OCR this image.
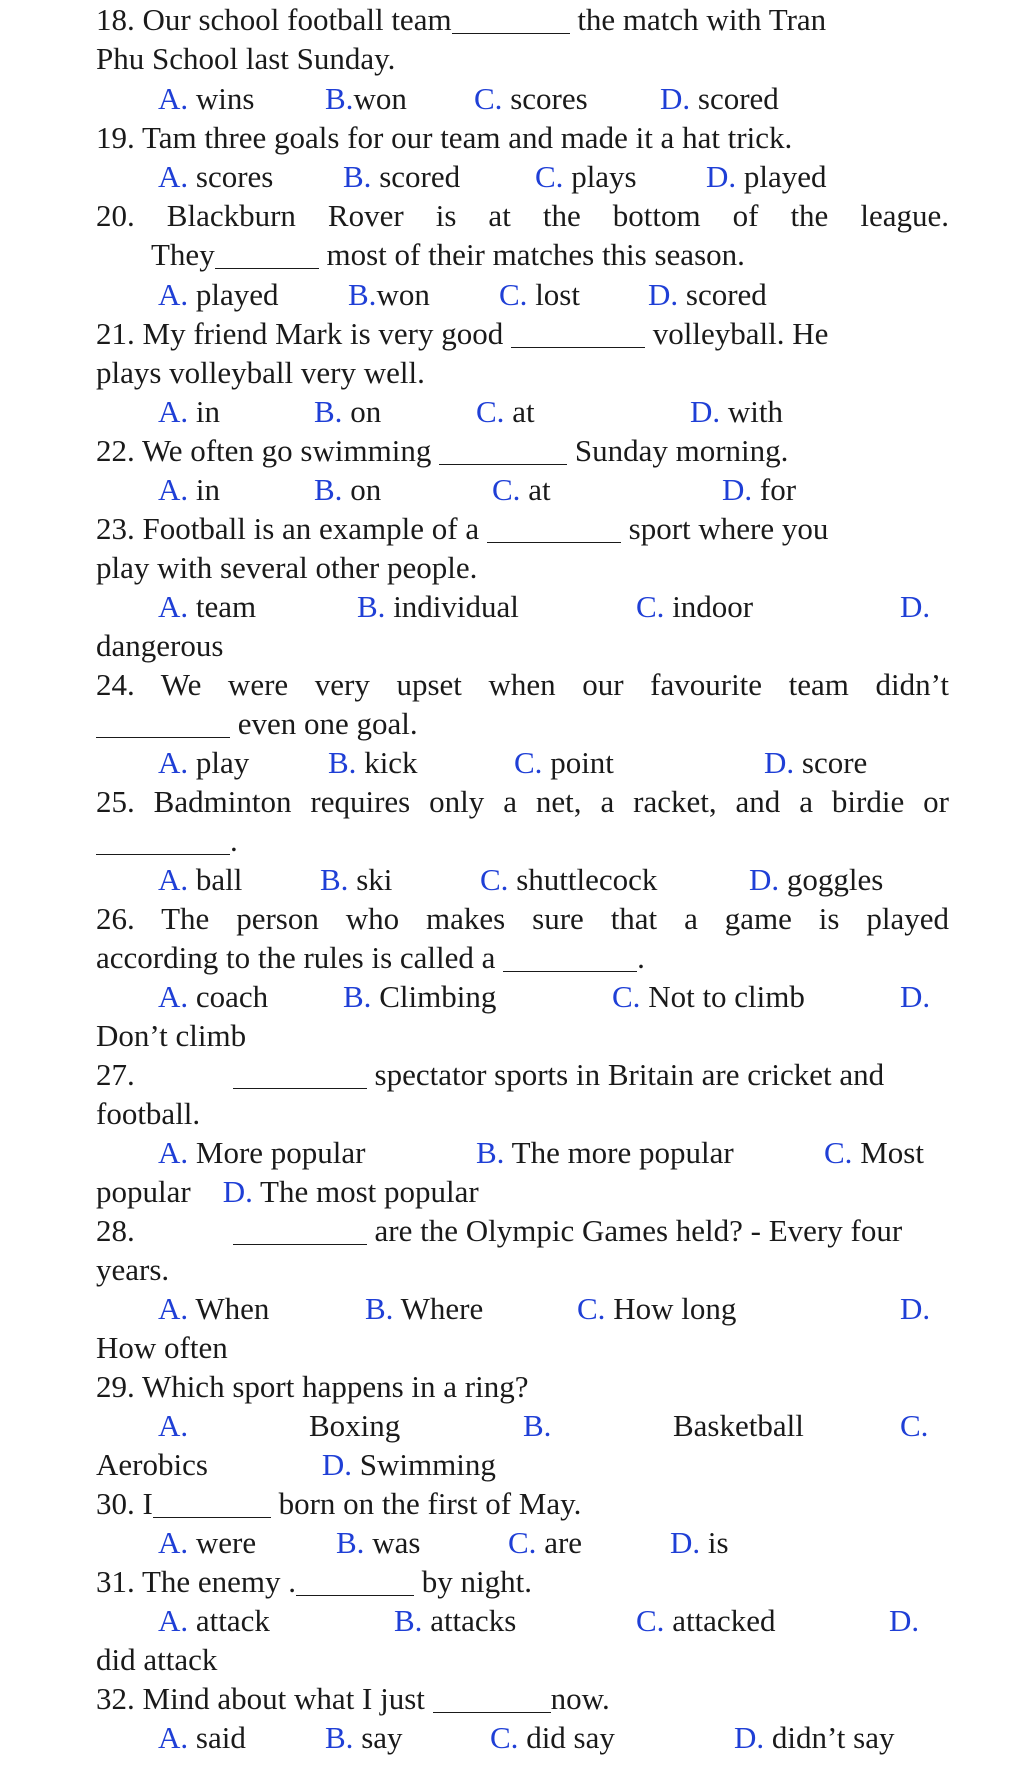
18. Our school football team	the match with Tran
Phu School last Sunday.
A. wins B.won C. scores D. scored
19. Tam three goals for our team and made it a hat trick.
A. scores B. scored C. plays D. played
20. Blackburn Rover is at the bottom of the league.
They	most of their matches this season.
A. played B.won C. lost D. scored
21. My friend Mark is very good	volleyball. He
plays volleyball very well.
A. in	B. on	C. at	D. with
22. We often go swimming	Sunday morning.
A. in	B. on	C. at	D. for
23. Football is an example of a	sport where you
play with several other people.
A. team	B. individual	C. indoor	D.
dangerous
24. We were very upset when our favourite team didn’t
even one goal.
A. play	B. kick	C. point	D. score
25. Badminton requires only a net, a racket, and a birdie or
.
A. ball	B. ski	C. shuttlecock	D. goggles
26. The person who makes sure that a game is played
according to the rules is called a	.
A. coach B. Climbing	C. Not to climb	D.
Don’t climb
27.	spectator sports in Britain are cricket and
football.
A. More popular	B. The more popular	C. Most
popular D. The most popular
28.	are the Olympic Games held? - Every four
years.
A. When	B. Where	C. How long	D.
How often
29. Which sport happens in a ring?
A.	Boxing	B.	Basketball	C.
Aerobics	D. Swimming
30. I	born on the first of May.
A. were	B. was	C. are	D. is
31. The enemy .	by night.
A. attack	B. attacks	C. attacked	D.
did attack
32. Mind about what I just	now.
A. said	B. say	C. did say	D. didn’t say
